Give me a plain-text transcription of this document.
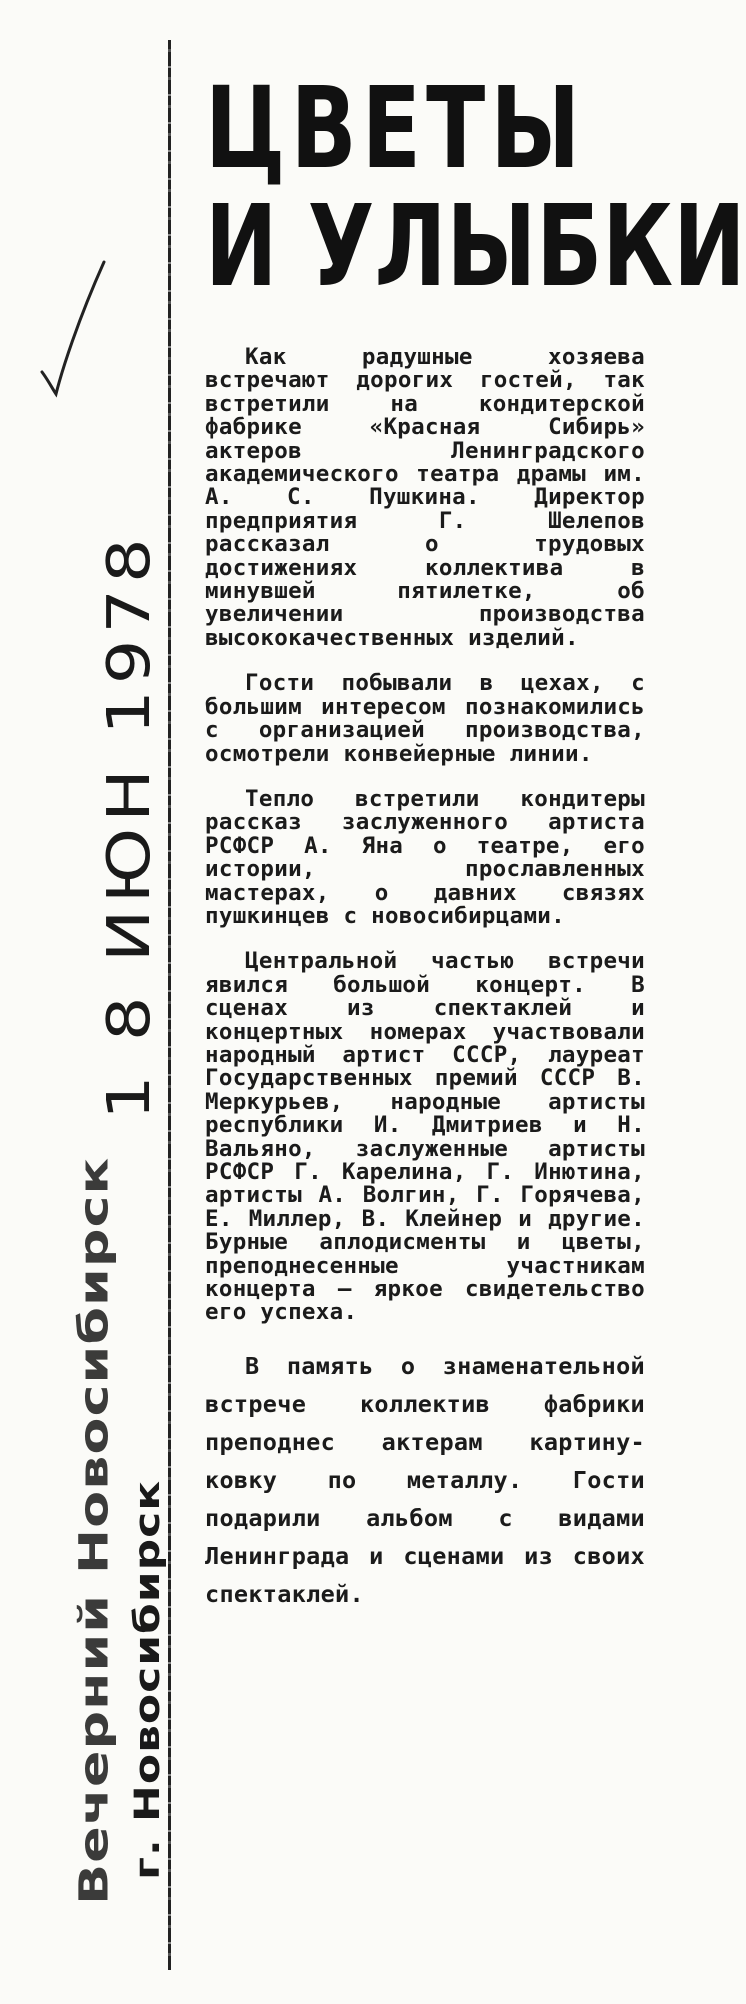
1 8 ИЮН 1978
Вечерний Новосибирск г. Новосибирск
ЦВЕТЫ
И УЛЫБКИ

Как радушные хозяева встречают дорогих гостей, так встретили на кондитерской фабрике «Красная Сибирь» актеров Ленинградского академического театра драмы им. А. С. Пушкина. Директор предприятия Г. Шелепов рассказал о трудовых достижениях коллектива в минувшей пятилетке, об увеличении производства высококачественных изделий.

Гости побывали в цехах, с большим интересом познакомились с организацией производства, осмотрели конвейерные линии.

Тепло встретили кондитеры рассказ заслуженного артиста РСФСР А. Яна о театре, его истории, прославленных мастерах, о давних связях пушкинцев с новосибирцами.

Центральной частью встречи явился большой концерт. В сценах из спектаклей и концертных номерах участвовали народный артист СССР, лауреат Государственных премий СССР В. Меркурьев, народные артисты республики И. Дмитриев и Н. Вальяно, заслуженные артисты РСФСР Г. Карелина, Г. Инютина, артисты А. Волгин, Г. Горячева, Е. Миллер, В. Клейнер и другие. Бурные аплодисменты и цветы, преподнесенные участникам концерта — яркое свидетельство его успеха.

В память о знаменательной встрече коллектив фабрики преподнес актерам картину-ковку по металлу. Гости подарили альбом с видами Ленинграда и сценами из своих спектаклей.
